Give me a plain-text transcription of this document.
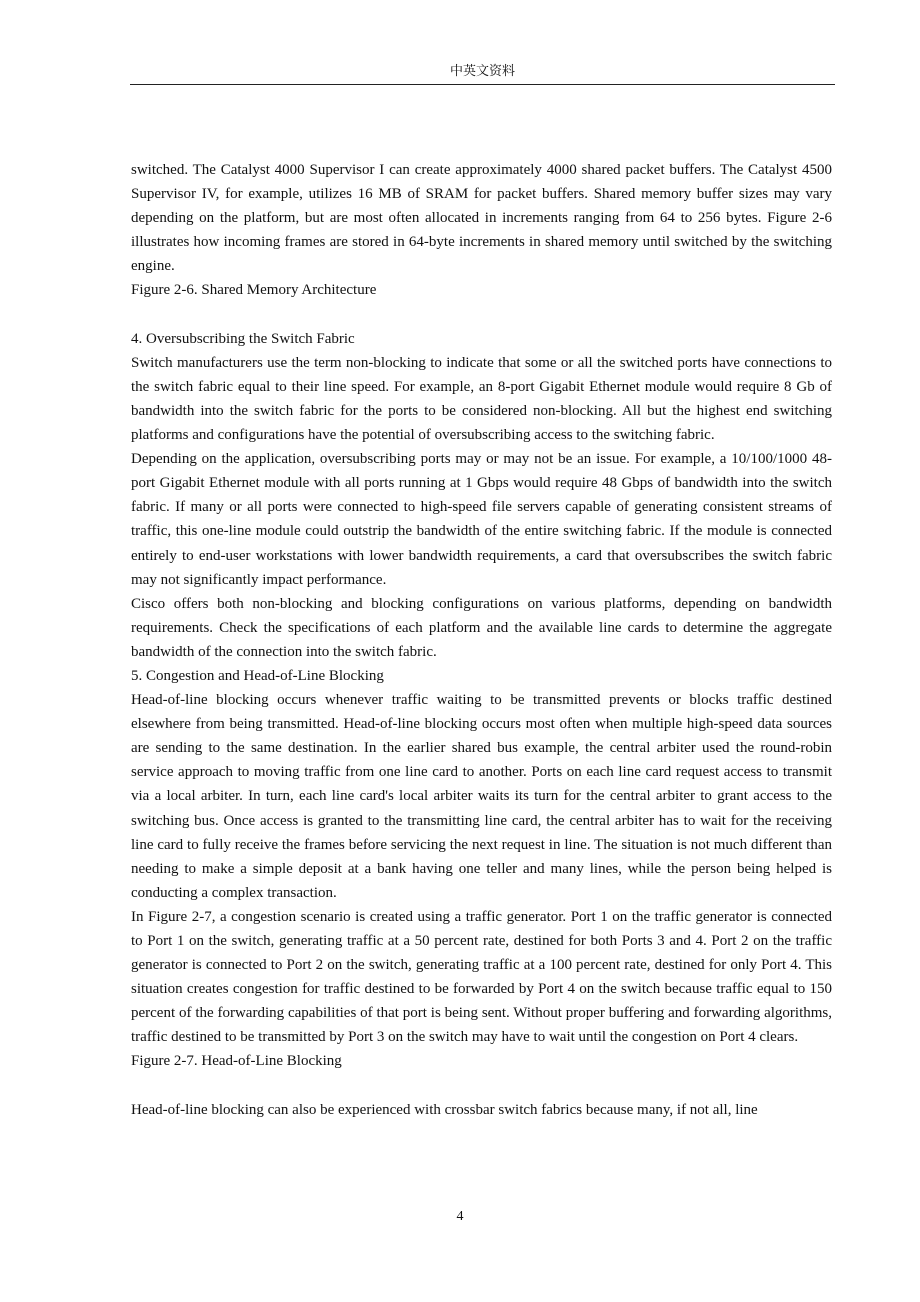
中英文资料

switched. The Catalyst 4000 Supervisor I can create approximately 4000 shared packet buffers. The Catalyst 4500 Supervisor IV, for example, utilizes 16 MB of SRAM for packet buffers. Shared memory buffer sizes may vary depending on the platform, but are most often allocated in increments ranging from 64 to 256 bytes. Figure 2-6 illustrates how incoming frames are stored in 64-byte increments in shared memory until switched by the switching engine.

Figure 2-6. Shared Memory Architecture

4. Oversubscribing the Switch Fabric

Switch manufacturers use the term non-blocking to indicate that some or all the switched ports have connections to the switch fabric equal to their line speed. For example, an 8-port Gigabit Ethernet module would require 8 Gb of bandwidth into the switch fabric for the ports to be considered non-blocking. All but the highest end switching platforms and configurations have the potential of oversubscribing access to the switching fabric.

Depending on the application, oversubscribing ports may or may not be an issue. For example, a 10/100/1000 48-port Gigabit Ethernet module with all ports running at 1 Gbps would require 48 Gbps of bandwidth into the switch fabric. If many or all ports were connected to high-speed file servers capable of generating consistent streams of traffic, this one-line module could outstrip the bandwidth of the entire switching fabric. If the module is connected entirely to end-user workstations with lower bandwidth requirements, a card that oversubscribes the switch fabric may not significantly impact performance.

Cisco offers both non-blocking and blocking configurations on various platforms, depending on bandwidth requirements. Check the specifications of each platform and the available line cards to determine the aggregate bandwidth of the connection into the switch fabric.

5. Congestion and Head-of-Line Blocking

Head-of-line blocking occurs whenever traffic waiting to be transmitted prevents or blocks traffic destined elsewhere from being transmitted. Head-of-line blocking occurs most often when multiple high-speed data sources are sending to the same destination. In the earlier shared bus example, the central arbiter used the round-robin service approach to moving traffic from one line card to another. Ports on each line card request access to transmit via a local arbiter. In turn, each line card's local arbiter waits its turn for the central arbiter to grant access to the switching bus. Once access is granted to the transmitting line card, the central arbiter has to wait for the receiving line card to fully receive the frames before servicing the next request in line. The situation is not much different than needing to make a simple deposit at a bank having one teller and many lines, while the person being helped is conducting a complex transaction.

In Figure 2-7, a congestion scenario is created using a traffic generator. Port 1 on the traffic generator is connected to Port 1 on the switch, generating traffic at a 50 percent rate, destined for both Ports 3 and 4. Port 2 on the traffic generator is connected to Port 2 on the switch, generating traffic at a 100 percent rate, destined for only Port 4. This situation creates congestion for traffic destined to be forwarded by Port 4 on the switch because traffic equal to 150 percent of the forwarding capabilities of that port is being sent. Without proper buffering and forwarding algorithms, traffic destined to be transmitted by Port 3 on the switch may have to wait until the congestion on Port 4 clears.

Figure 2-7. Head-of-Line Blocking

Head-of-line blocking can also be experienced with crossbar switch fabrics because many, if not all, line

4
